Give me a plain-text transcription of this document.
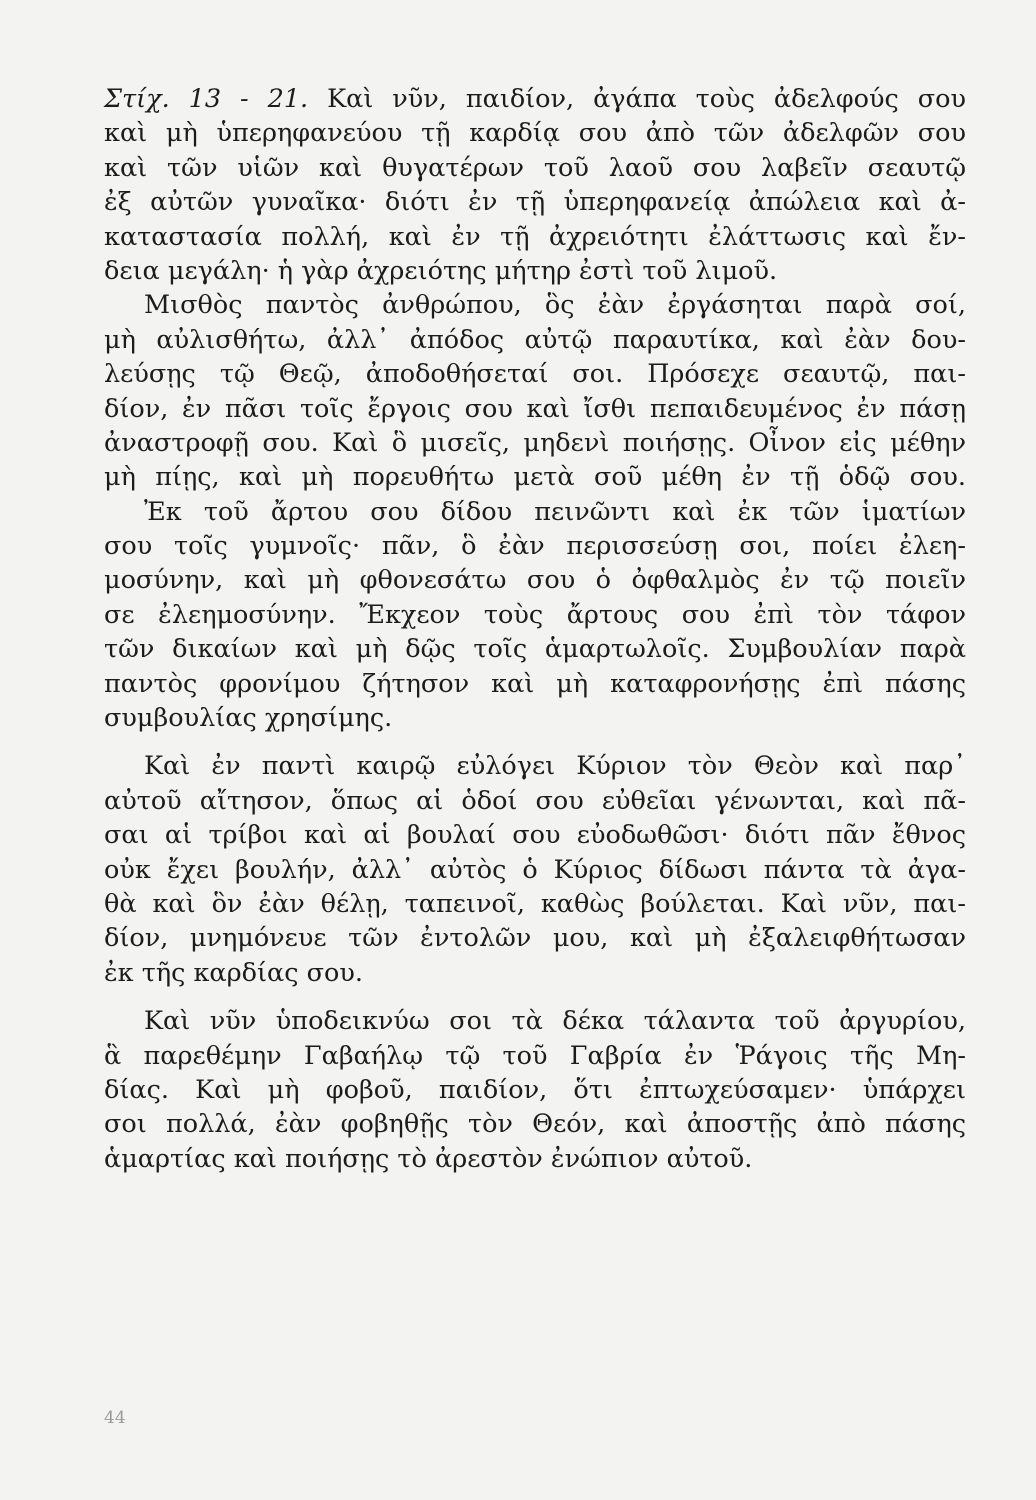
Στίχ. 13 - 21. Καὶ νῦν, παιδίον, ἀγάπα τοὺς ἀδελφούς σου
καὶ μὴ ὑπερηφανεύου τῇ καρδίᾳ σου ἀπὸ τῶν ἀδελφῶν σου
καὶ τῶν υἱῶν καὶ θυγατέρων τοῦ λαοῦ σου λαβεῖν σεαυτῷ
ἐξ αὐτῶν γυναῖκα· διότι ἐν τῇ ὑπερηφανείᾳ ἀπώλεια καὶ ἀ-
καταστασία πολλή, καὶ ἐν τῇ ἀχρειότητι ἐλάττωσις καὶ ἔν-
δεια μεγάλη· ἡ γὰρ ἀχρειότης μήτηρ ἐστὶ τοῦ λιμοῦ.
Μισθὸς παντὸς ἀνθρώπου, ὃς ἐὰν ἐργάσηται παρὰ σοί,
μὴ αὐλισθήτω, ἀλλ᾽ ἀπόδος αὐτῷ παραυτίκα, καὶ ἐὰν δου-
λεύσῃς τῷ Θεῷ, ἀποδοθήσεταί σοι. Πρόσεχε σεαυτῷ, παι-
δίον, ἐν πᾶσι τοῖς ἔργοις σου καὶ ἴσθι πεπαιδευμένος ἐν πάσῃ
ἀναστροφῇ σου. Καὶ ὃ μισεῖς, μηδενὶ ποιήσῃς. Οἶνον εἰς μέθην
μὴ πίῃς, καὶ μὴ πορευθήτω μετὰ σοῦ μέθη ἐν τῇ ὁδῷ σου.
Ἐκ τοῦ ἄρτου σου δίδου πεινῶντι καὶ ἐκ τῶν ἱματίων
σου τοῖς γυμνοῖς· πᾶν, ὃ ἐὰν περισσεύσῃ σοι, ποίει ἐλεη-
μοσύνην, καὶ μὴ φθονεσάτω σου ὁ ὀφθαλμὸς ἐν τῷ ποιεῖν
σε ἐλεημοσύνην. Ἔκχεον τοὺς ἄρτους σου ἐπὶ τὸν τάφον
τῶν δικαίων καὶ μὴ δῷς τοῖς ἁμαρτωλοῖς. Συμβουλίαν παρὰ
παντὸς φρονίμου ζήτησον καὶ μὴ καταφρονήσῃς ἐπὶ πάσης
συμβουλίας χρησίμης.
Καὶ ἐν παντὶ καιρῷ εὐλόγει Κύριον τὸν Θεὸν καὶ παρ᾽
αὐτοῦ αἴτησον, ὅπως αἱ ὁδοί σου εὐθεῖαι γένωνται, καὶ πᾶ-
σαι αἱ τρίβοι καὶ αἱ βουλαί σου εὐοδωθῶσι· διότι πᾶν ἔθνος
οὐκ ἔχει βουλήν, ἀλλ᾽ αὐτὸς ὁ Κύριος δίδωσι πάντα τὰ ἀγα-
θὰ καὶ ὃν ἐὰν θέλῃ, ταπεινοῖ, καθὼς βούλεται. Καὶ νῦν, παι-
δίον, μνημόνευε τῶν ἐντολῶν μου, καὶ μὴ ἐξαλειφθήτωσαν
ἐκ τῆς καρδίας σου.
Καὶ νῦν ὑποδεικνύω σοι τὰ δέκα τάλαντα τοῦ ἀργυρίου,
ἃ παρεθέμην Γαβαήλῳ τῷ τοῦ Γαβρία ἐν Ῥάγοις τῆς Μη-
δίας. Καὶ μὴ φοβοῦ, παιδίον, ὅτι ἐπτωχεύσαμεν· ὑπάρχει
σοι πολλά, ἐὰν φοβηθῇς τὸν Θεόν, καὶ ἀποστῇς ἀπὸ πάσης
ἁμαρτίας καὶ ποιήσῃς τὸ ἀρεστὸν ἐνώπιον αὐτοῦ.
44
